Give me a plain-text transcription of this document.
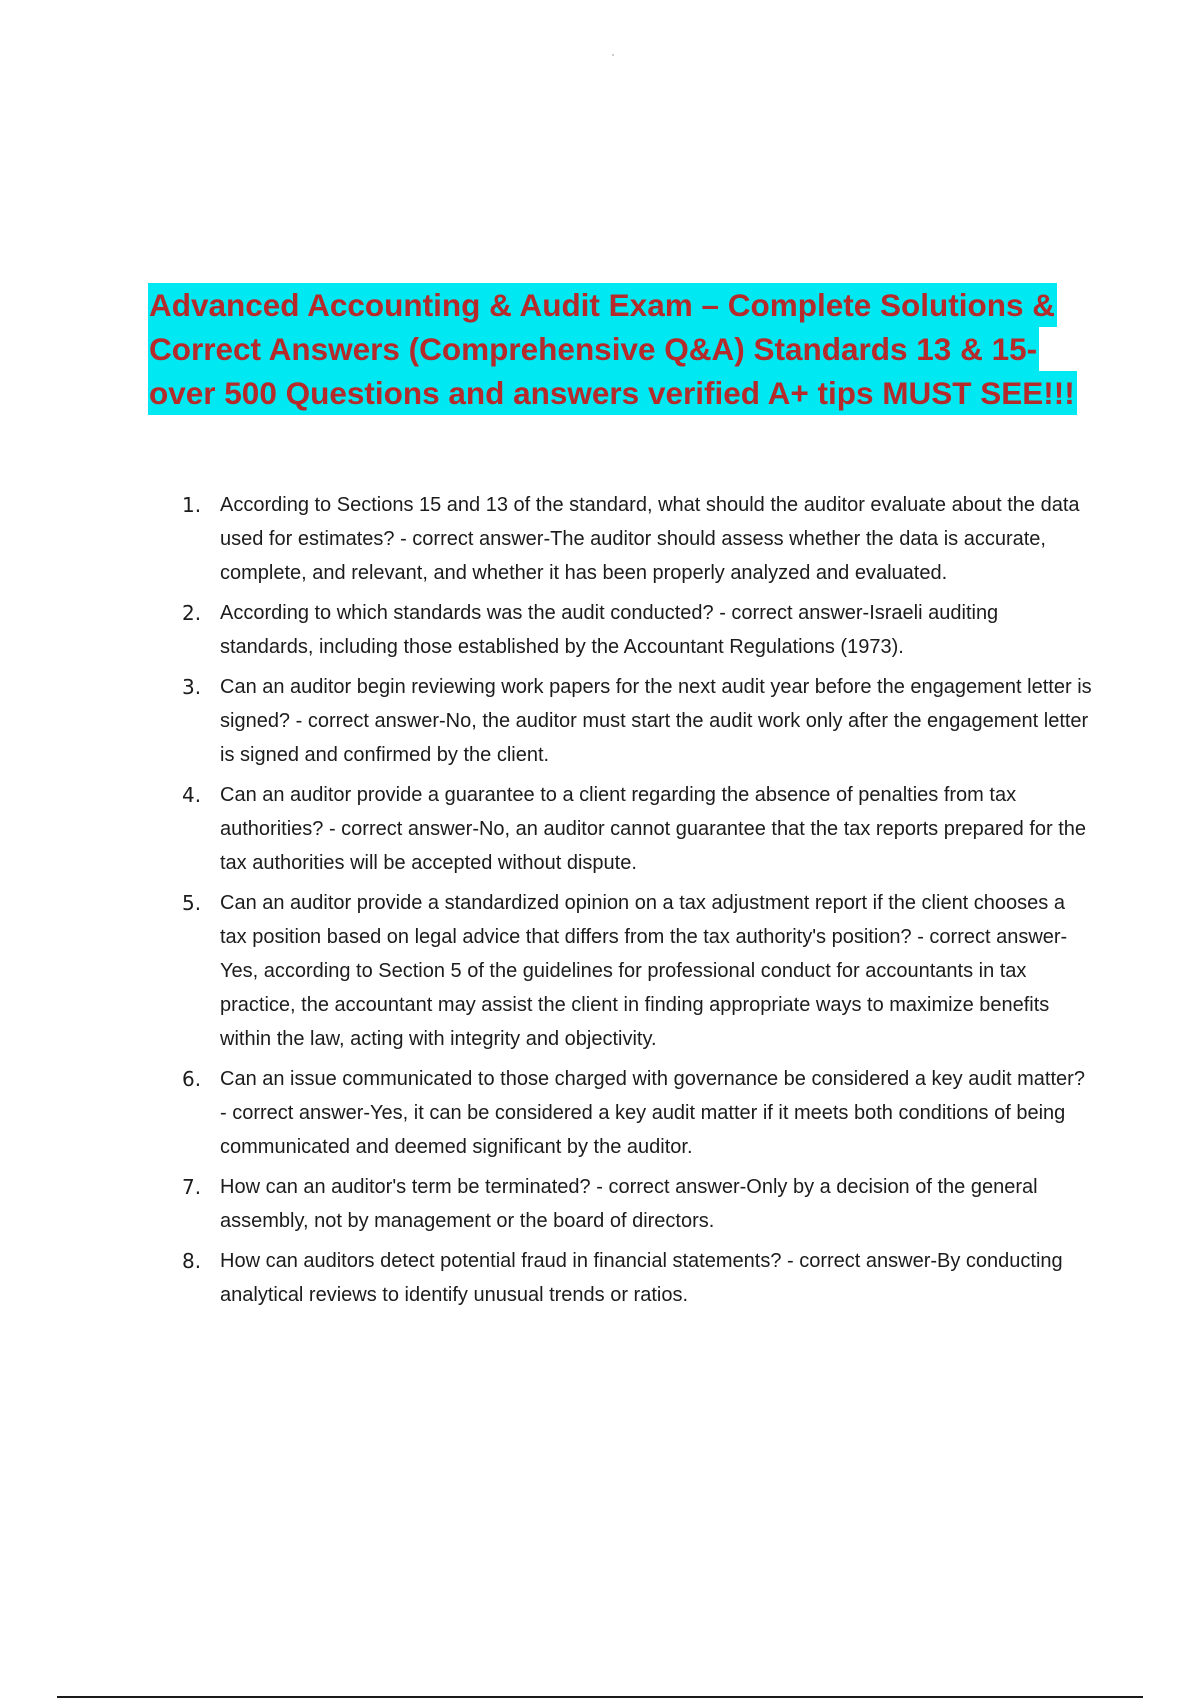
Advanced Accounting & Audit Exam – Complete Solutions &
Correct Answers (Comprehensive Q&A) Standards 13 & 15-
over 500 Questions and answers verified A+ tips MUST SEE!!!
1. According to Sections 15 and 13 of the standard, what should the auditor evaluate about the data used for estimates? - correct answer-The auditor should assess whether the data is accurate, complete, and relevant, and whether it has been properly analyzed and evaluated.
2. According to which standards was the audit conducted? - correct answer-Israeli auditing standards, including those established by the Accountant Regulations (1973).
3. Can an auditor begin reviewing work papers for the next audit year before the engagement letter is signed? - correct answer-No, the auditor must start the audit work only after the engagement letter is signed and confirmed by the client.
4. Can an auditor provide a guarantee to a client regarding the absence of penalties from tax authorities? - correct answer-No, an auditor cannot guarantee that the tax reports prepared for the tax authorities will be accepted without dispute.
5. Can an auditor provide a standardized opinion on a tax adjustment report if the client chooses a tax position based on legal advice that differs from the tax authority's position? - correct answer-Yes, according to Section 5 of the guidelines for professional conduct for accountants in tax practice, the accountant may assist the client in finding appropriate ways to maximize benefits within the law, acting with integrity and objectivity.
6. Can an issue communicated to those charged with governance be considered a key audit matter? - correct answer-Yes, it can be considered a key audit matter if it meets both conditions of being communicated and deemed significant by the auditor.
7. How can an auditor's term be terminated? - correct answer-Only by a decision of the general assembly, not by management or the board of directors.
8. How can auditors detect potential fraud in financial statements? - correct answer-By conducting analytical reviews to identify unusual trends or ratios.
